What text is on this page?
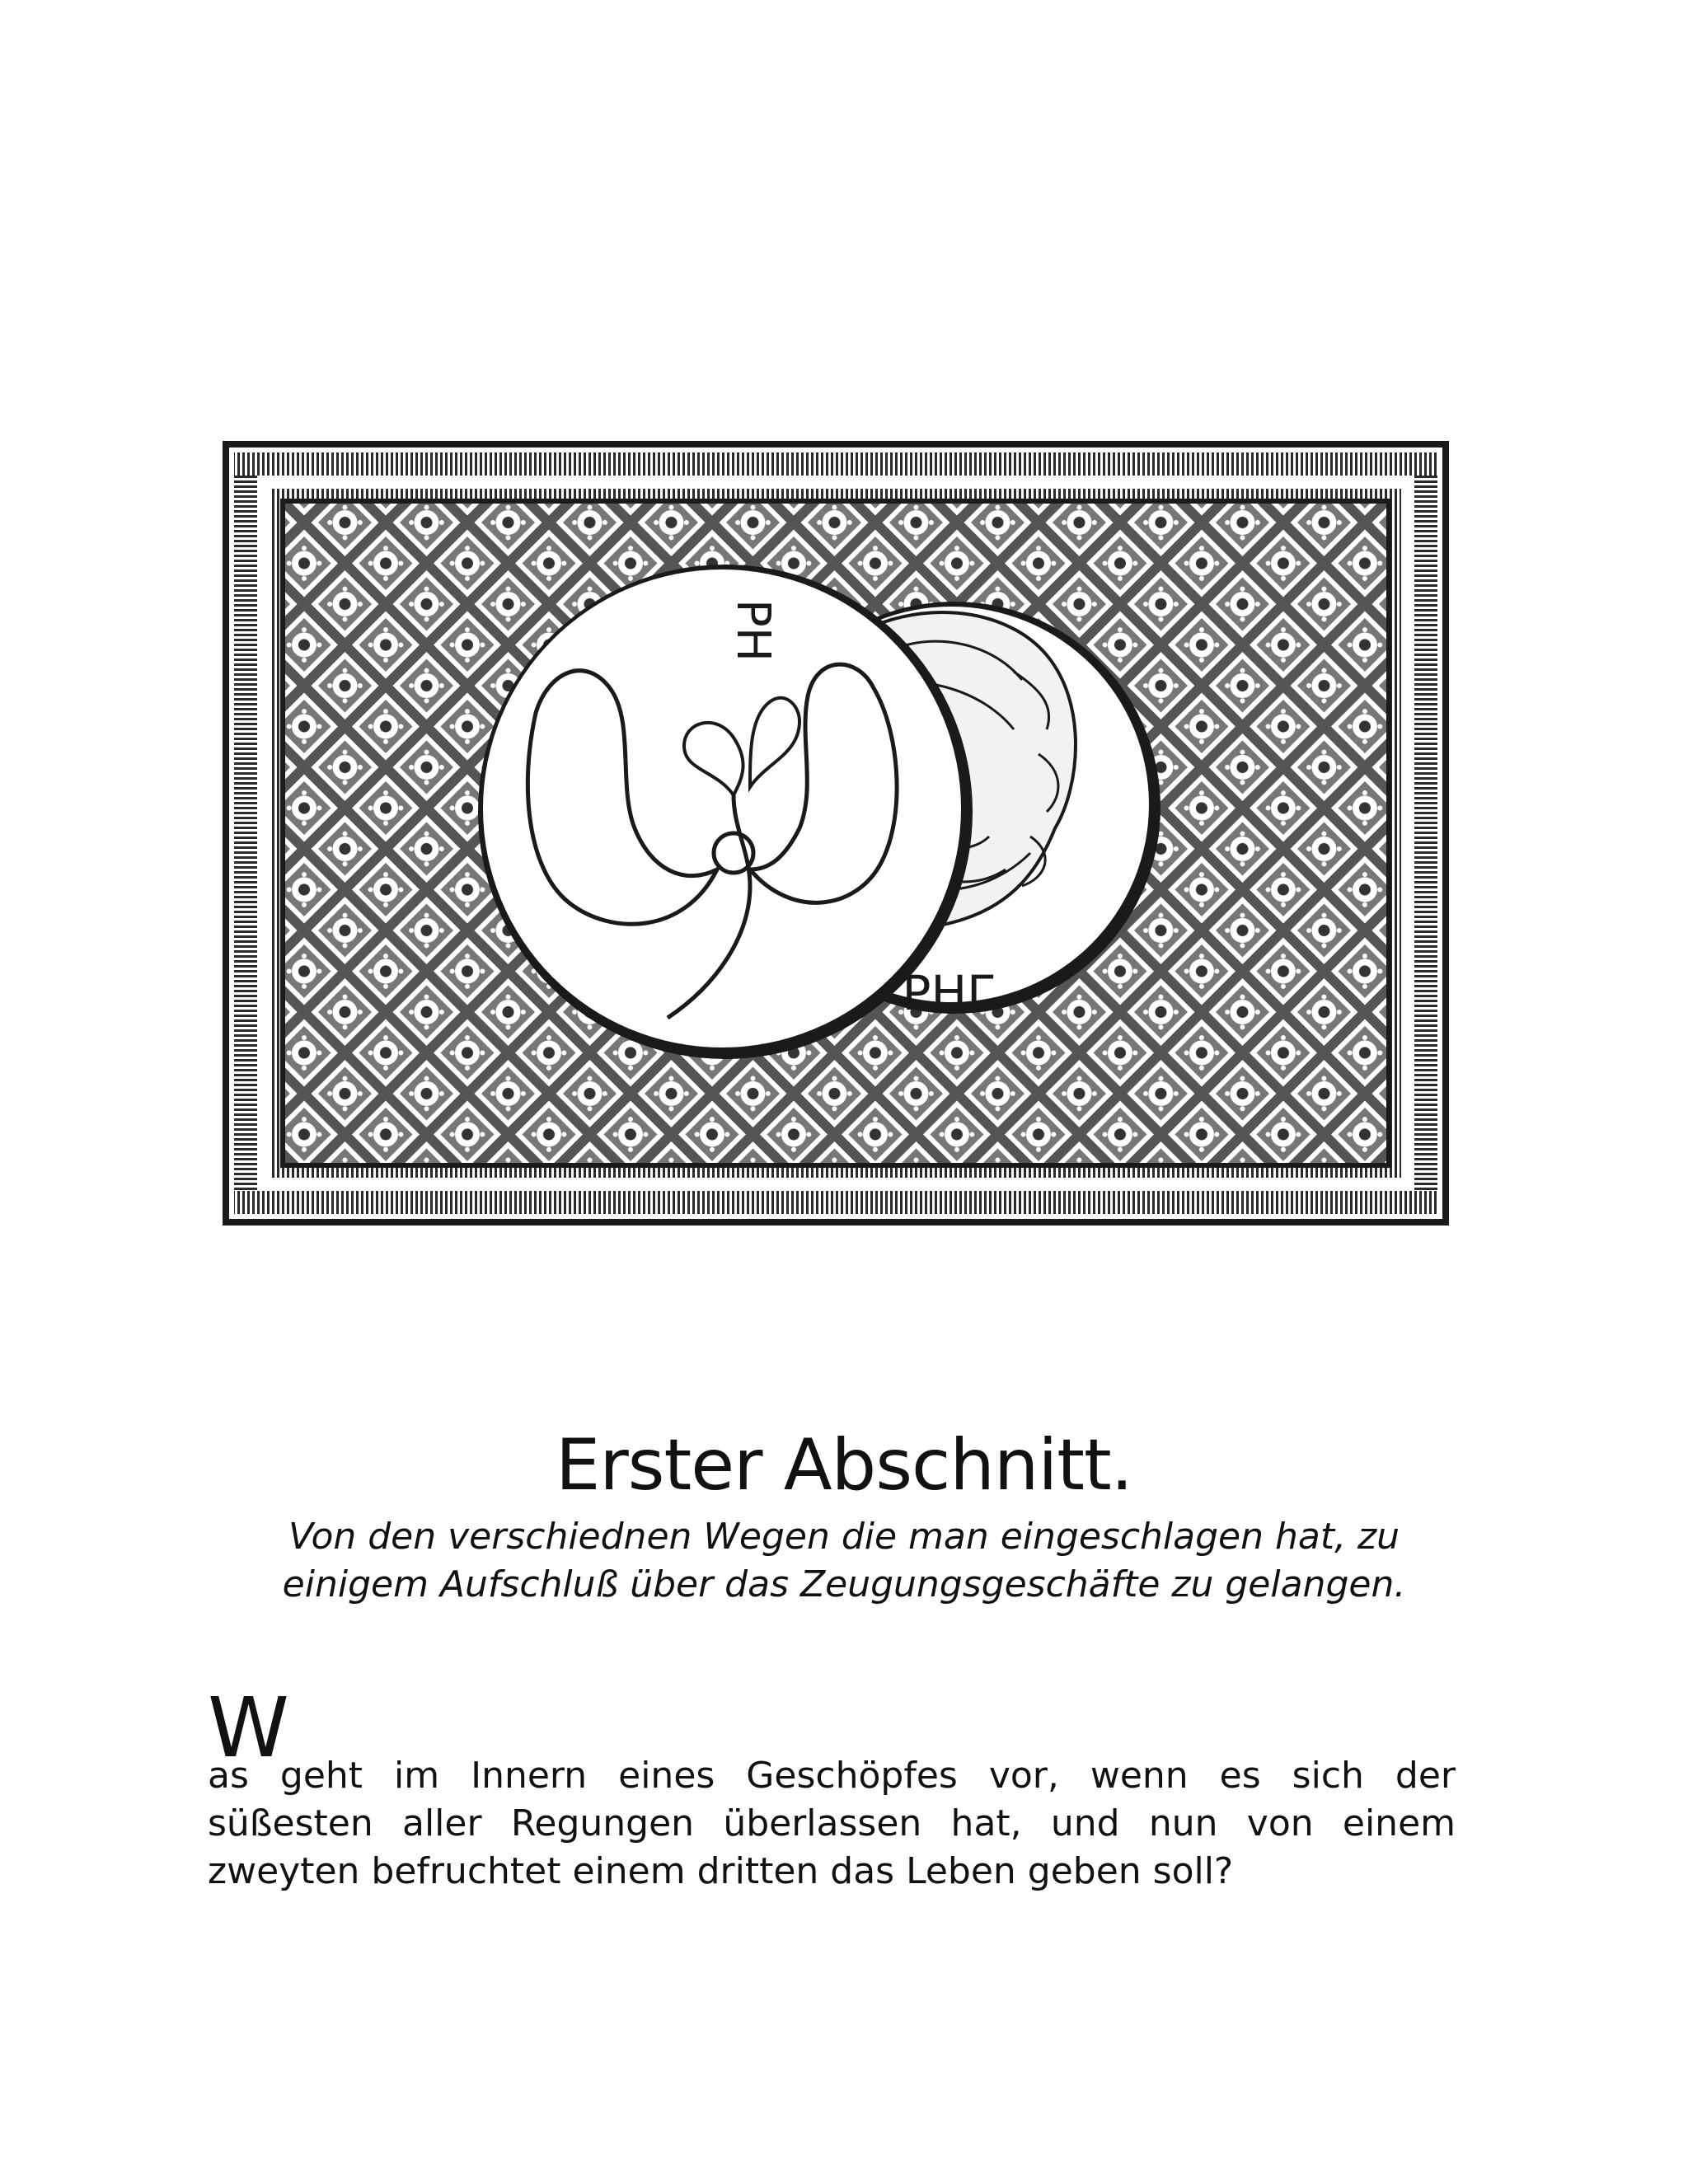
PHΓ
PH
Erster Abschnitt.
Von den verschiednen Wegen die man eingeschlagen hat, zu
einigem Aufschluß über das Zeugungsgeschäfte zu gelangen.
W
as geht im Innern eines Geschöpfes vor, wenn es sich der
süßesten aller Regungen überlassen hat, und nun von einem
zweyten befruchtet einem dritten das Leben geben soll?
